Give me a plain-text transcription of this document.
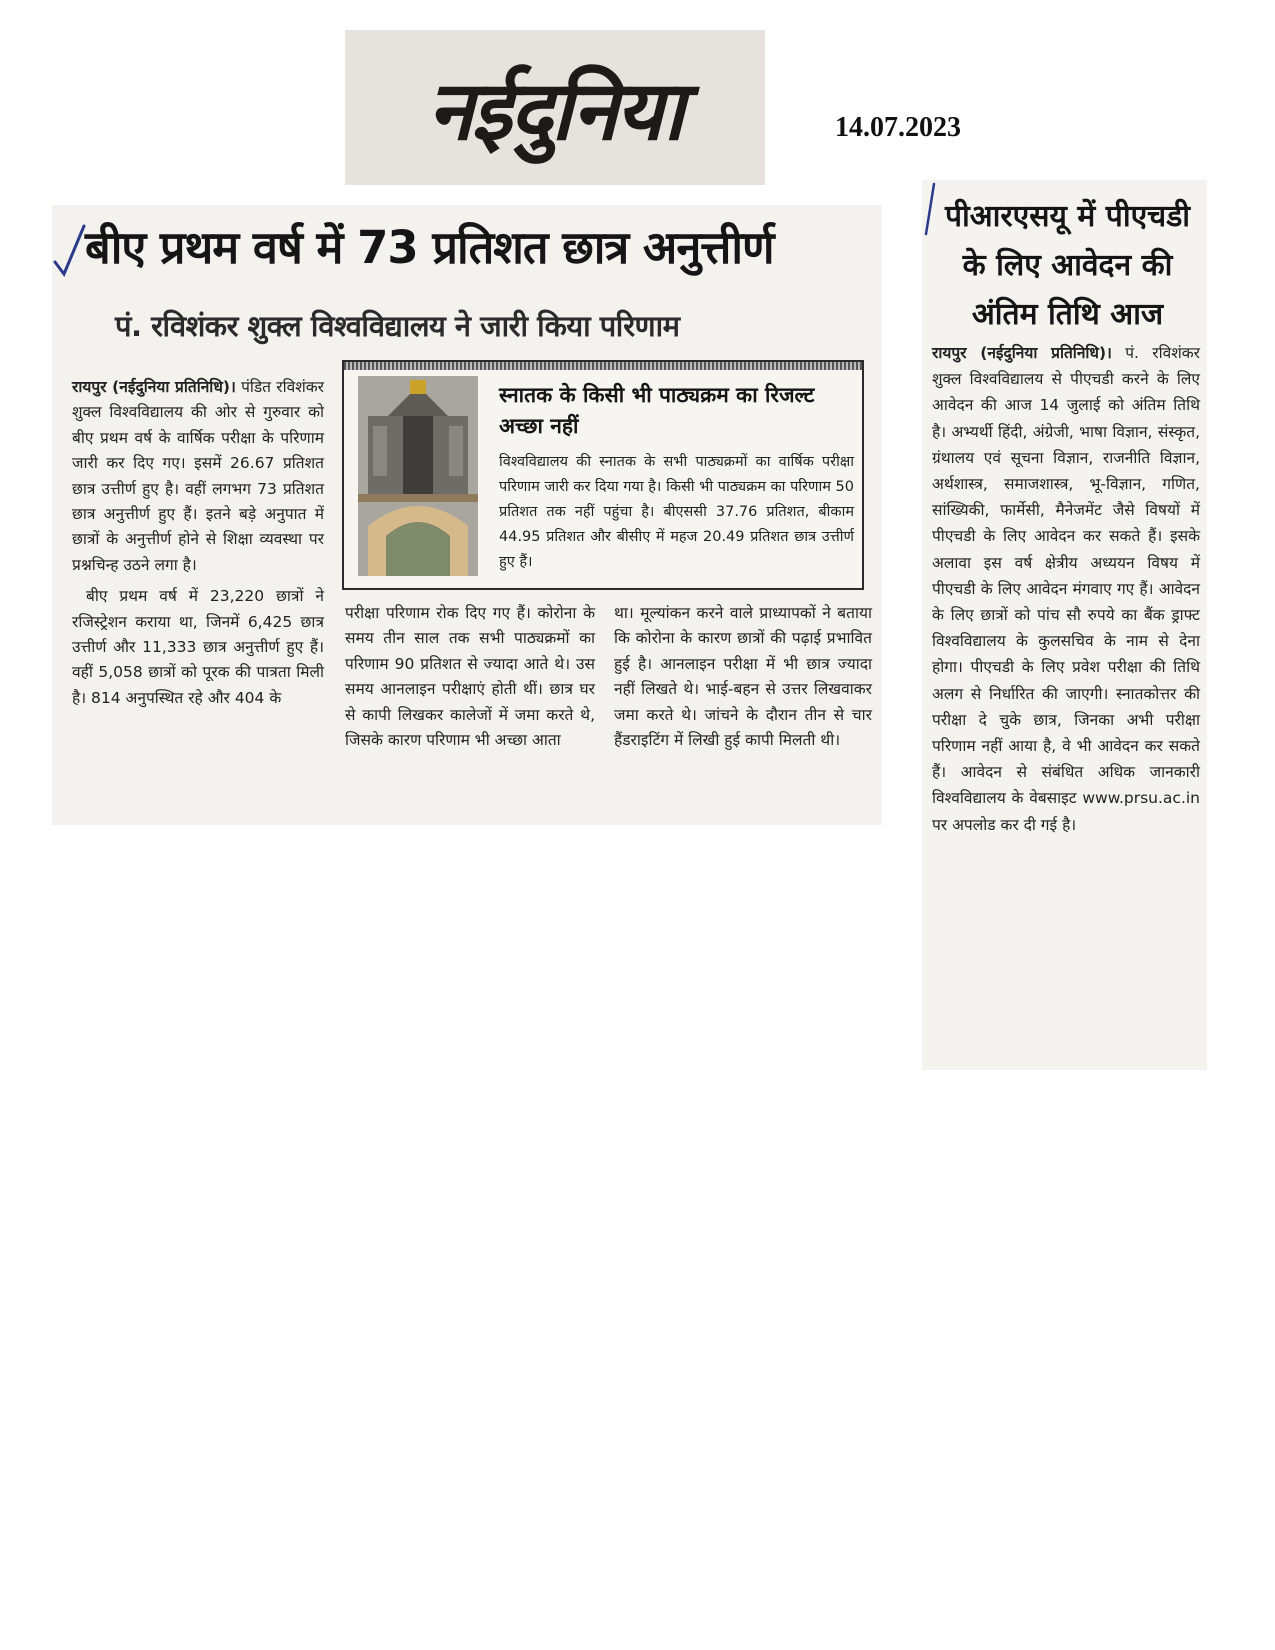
नईदुनिया	14.07.2023
बीए प्रथम वर्ष में 73 प्रतिशत छात्र अनुत्तीर्ण
पं. रविशंकर शुक्ल विश्वविद्यालय ने जारी किया परिणाम

रायपुर (नईदुनिया प्रतिनिधि)। पंडित रविशंकर शुक्ल विश्वविद्यालय की ओर से गुरुवार को बीए प्रथम वर्ष के वार्षिक परीक्षा के परिणाम जारी कर दिए गए। इसमें 26.67 प्रतिशत छात्र उत्तीर्ण हुए है। वहीं लगभग 73 प्रतिशत छात्र अनुत्तीर्ण हुए हैं। इतने बड़े अनुपात में छात्रों के अनुत्तीर्ण होने से शिक्षा व्यवस्था पर प्रश्नचिन्ह उठने लगा है।

बीए प्रथम वर्ष में 23,220 छात्रों ने रजिस्ट्रेशन कराया था, जिनमें 6,425 छात्र उत्तीर्ण और 11,333 छात्र अनुत्तीर्ण हुए हैं। वहीं 5,058 छात्रों को पूरक की पात्रता मिली है। 814 अनुपस्थित रहे और 404 के

परीक्षा परिणाम रोक दिए गए हैं। कोरोना के समय तीन साल तक सभी पाठ्यक्रमों का परिणाम 90 प्रतिशत से ज्यादा आते थे। उस समय आनलाइन परीक्षाएं होती थीं। छात्र घर से कापी लिखकर कालेजों में जमा करते थे, जिसके कारण परिणाम भी अच्छा आता

था। मूल्यांकन करने वाले प्राध्यापकों ने बताया कि कोरोना के कारण छात्रों की पढ़ाई प्रभावित हुई है। आनलाइन परीक्षा में भी छात्र ज्यादा नहीं लिखते थे। भाई-बहन से उत्तर लिखवाकर जमा करते थे। जांचने के दौरान तीन से चार हैंडराइटिंग में लिखी हुई कापी मिलती थी।

स्नातक के किसी भी पाठ्यक्रम का रिजल्ट अच्छा नहीं

विश्वविद्यालय की स्नातक के सभी पाठ्यक्रमों का वार्षिक परीक्षा परिणाम जारी कर दिया गया है। किसी भी पाठ्यक्रम का परिणाम 50 प्रतिशत तक नहीं पहुंचा है। बीएससी 37.76 प्रतिशत, बीकाम 44.95 प्रतिशत और बीसीए में महज 20.49 प्रतिशत छात्र उत्तीर्ण हुए हैं।

पीआरएसयू में पीएचडी के लिए आवेदन की अंतिम तिथि आज

रायपुर (नईदुनिया प्रतिनिधि)। पं. रविशंकर शुक्ल विश्वविद्यालय से पीएचडी करने के लिए आवेदन की आज 14 जुलाई को अंतिम तिथि है। अभ्यर्थी हिंदी, अंग्रेजी, भाषा विज्ञान, संस्कृत, ग्रंथालय एवं सूचना विज्ञान, राजनीति विज्ञान, अर्थशास्त्र, समाजशास्त्र, भू-विज्ञान, गणित, सांख्यिकी, फार्मेसी, मैनेजमेंट जैसे विषयों में पीएचडी के लिए आवेदन कर सकते हैं। इसके अलावा इस वर्ष क्षेत्रीय अध्ययन विषय में पीएचडी के लिए आवेदन मंगवाए गए हैं। आवेदन के लिए छात्रों को पांच सौ रुपये का बैंक ड्राफ्ट विश्वविद्यालय के कुलसचिव के नाम से देना होगा। पीएचडी के लिए प्रवेश परीक्षा की तिथि अलग से निर्धारित की जाएगी। स्नातकोत्तर की परीक्षा दे चुके छात्र, जिनका अभी परीक्षा परिणाम नहीं आया है, वे भी आवेदन कर सकते हैं। आवेदन से संबंधित अधिक जानकारी विश्वविद्यालय के वेबसाइट www.prsu.ac.in पर अपलोड कर दी गई है।
